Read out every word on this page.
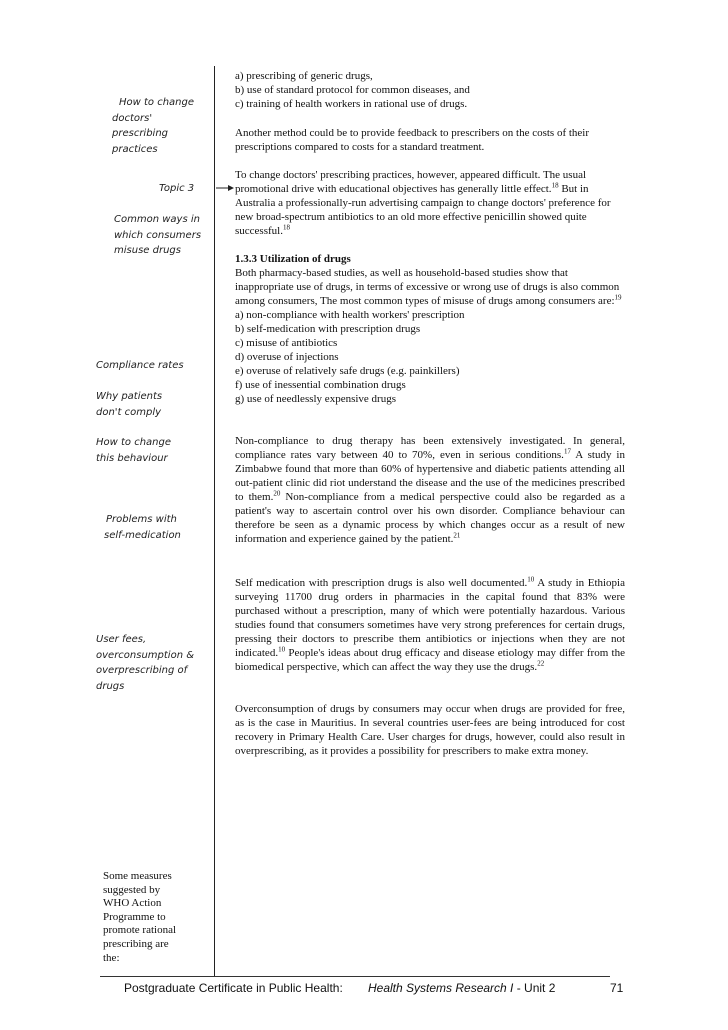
How to change
doctors'
prescribing
practices
Topic 3
Common ways in
which consumers
misuse drugs
Compliance rates
Why patients
don't comply
How to change
this behaviour
Problems with
self-medication
User fees,
overconsumption &
overprescribing of
drugs

a) prescribing of generic drugs,

b) use of standard protocol for common diseases, and

c) training of health workers in rational use of drugs.

Another method could be to provide feedback to prescribers on the costs of their prescriptions compared to costs for a standard treatment.

To change doctors' prescribing practices, however, appeared difficult. The usual promotional drive with educational objectives has generally little effect.$^{18}$ But in Australia a professionally-run advertising campaign to change doctors' preference for new broad-spectrum antibiotics to an old more effective penicillin showed quite successful.$^{18}$

1.3.3 Utilization of drugs

Both pharmacy-based studies, as well as household-based studies show that inappropriate use of drugs, in terms of excessive or wrong use of drugs is also common among consumers, The most common types of misuse of drugs among consumers are:$^{19}$

a) non-compliance with health workers' prescription

b) self-medication with prescription drugs

c) misuse of antibiotics

d) overuse of injections

e) overuse of relatively safe drugs (e.g. painkillers)

f) use of inessential combination drugs

g) use of needlessly expensive drugs

Non-compliance to drug therapy has been extensively investigated. In general, compliance rates vary between 40 to 70%, even in serious conditions.$^{17}$ A study in Zimbabwe found that more than 60% of hypertensive and diabetic patients attending all out-patient clinic did riot understand the disease and the use of the medicines prescribed to them.$^{20}$ Non-compliance from a medical perspective could also be regarded as a patient's way to ascertain control over his own disorder. Compliance behaviour can therefore be seen as a dynamic process by which changes occur as a result of new information and experience gained by the patient.$^{21}$

Self medication with prescription drugs is also well documented.$^{10}$ A study in Ethiopia surveying 11700 drug orders in pharmacies in the capital found that 83% were purchased without a prescription, many of which were potentially hazardous. Various studies found that consumers sometimes have very strong preferences for certain drugs, pressing their doctors to prescribe them antibiotics or injections when they are not indicated.$^{10}$ People's ideas about drug efficacy and disease etiology may differ from the biomedical perspective, which can affect the way they use the drugs.$^{22}$

Overconsumption of drugs by consumers may occur when drugs are provided for free, as is the case in Mauritius. In several countries user-fees are being introduced for cost recovery in Primary Health Care. User charges for drugs, however, could also result in overprescribing, as it provides a possibility for prescribers to make extra money.

Some measures
suggested by
WHO Action
Programme to
promote rational
prescribing are
the:
Postgraduate Certificate in Public Health: Health Systems Research I - Unit 2	71
